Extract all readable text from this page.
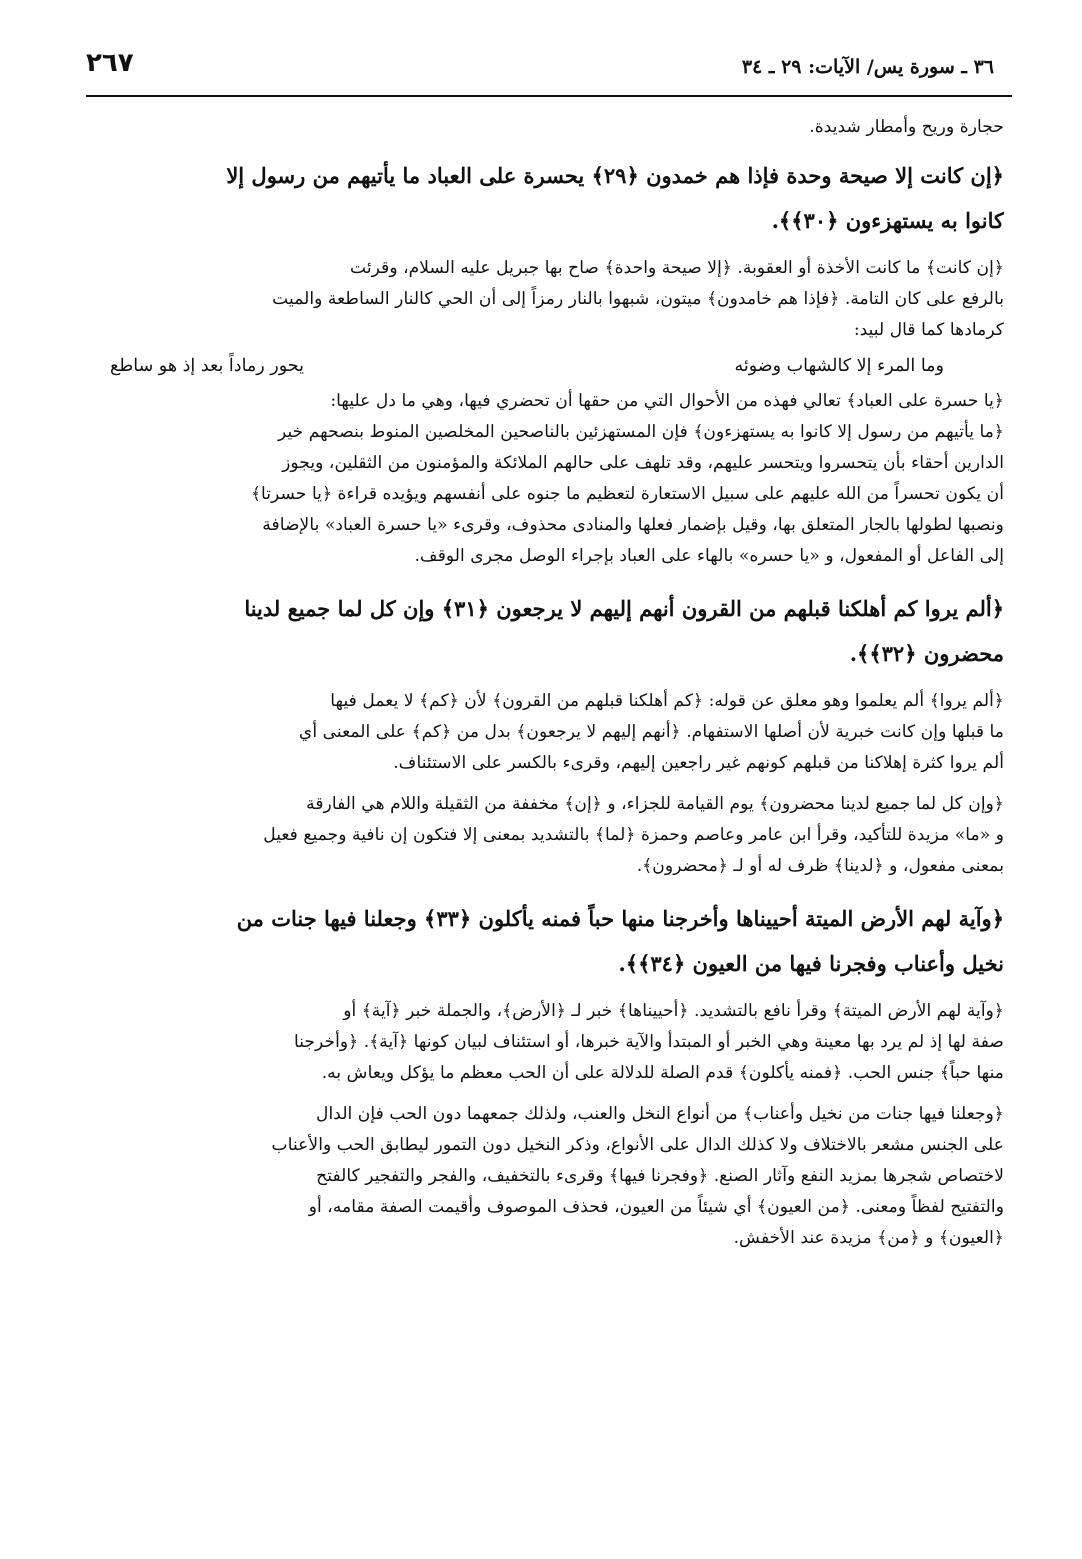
٢٦٧	٣٦ ـ سورة يس/ الآيات: ٢٩ ـ ٣٤

حجارة وريح وأمطار شديدة.

﴿إن كانت إلا صيحة وحدة فإذا هم خمدون ﴿٢٩﴾ يحسرة على العباد ما يأتيهم من رسول إلا
كانوا به يستهزءون ﴿٣٠﴾﴾.

﴿إن كانت﴾ ما كانت الأخذة أو العقوبة. ﴿إلا صيحة واحدة﴾ صاح بها جبريل عليه السلام، وقرئت
بالرفع على كان التامة. ﴿فإذا هم خامدون﴾ ميتون، شبهوا بالنار رمزاً إلى أن الحي كالنار الساطعة والميت
كرمادها كما قال لبيد:

وما المرء إلا كالشهاب وضوئه
يحور رماداً بعد إذ هو ساطع

﴿يا حسرة على العباد﴾ تعالي فهذه من الأحوال التي من حقها أن تحضري فيها، وهي ما دل عليها:
﴿ما يأتيهم من رسول إلا كانوا به يستهزءون﴾ فإن المستهزئين بالناصحين المخلصين المنوط بنصحهم خير
الدارين أحقاء بأن يتحسروا ويتحسر عليهم، وقد تلهف على حالهم الملائكة والمؤمنون من الثقلين، ويجوز
أن يكون تحسراً من الله عليهم على سبيل الاستعارة لتعظيم ما جنوه على أنفسهم ويؤيده قراءة ﴿يا حسرتا﴾
ونصبها لطولها بالجار المتعلق بها، وقيل بإضمار فعلها والمنادى محذوف، وقرىء «يا حسرة العباد» بالإضافة
إلى الفاعل أو المفعول، و «يا حسره» بالهاء على العباد بإجراء الوصل مجرى الوقف.

﴿ألم يروا كم أهلكنا قبلهم من القرون أنهم إليهم لا يرجعون ﴿٣١﴾ وإن كل لما جميع لدينا
محضرون ﴿٣٢﴾﴾.

﴿ألم يروا﴾ ألم يعلموا وهو معلق عن قوله: ﴿كم أهلكنا قبلهم من القرون﴾ لأن ﴿كم﴾ لا يعمل فيها
ما قبلها وإن كانت خبرية لأن أصلها الاستفهام. ﴿أنهم إليهم لا يرجعون﴾ بدل من ﴿كم﴾ على المعنى أي
ألم يروا كثرة إهلاكنا من قبلهم كونهم غير راجعين إليهم، وقرىء بالكسر على الاستئناف.

﴿وإن كل لما جميع لدينا محضرون﴾ يوم القيامة للجزاء، و ﴿إن﴾ مخففة من الثقيلة واللام هي الفارقة
و «ما» مزيدة للتأكيد، وقرأ ابن عامر وعاصم وحمزة ﴿لما﴾ بالتشديد بمعنى إلا فتكون إن نافية وجميع فعيل
بمعنى مفعول، و ﴿لدينا﴾ ظرف له أو لـ ﴿محضرون﴾.

﴿وآية لهم الأرض الميتة أحييناها وأخرجنا منها حباً فمنه يأكلون ﴿٣٣﴾ وجعلنا فيها جنات من
نخيل وأعناب وفجرنا فيها من العيون ﴿٣٤﴾﴾.

﴿وآية لهم الأرض الميتة﴾ وقرأ نافع بالتشديد. ﴿أحييناها﴾ خبر لـ ﴿الأرض﴾، والجملة خبر ﴿آية﴾ أو
صفة لها إذ لم يرد بها معينة وهي الخبر أو المبتدأ والآية خبرها، أو استئناف لبيان كونها ﴿آية﴾. ﴿وأخرجنا
منها حباً﴾ جنس الحب. ﴿فمنه يأكلون﴾ قدم الصلة للدلالة على أن الحب معظم ما يؤكل ويعاش به.

﴿وجعلنا فيها جنات من نخيل وأعناب﴾ من أنواع النخل والعنب، ولذلك جمعهما دون الحب فإن الدال
على الجنس مشعر بالاختلاف ولا كذلك الدال على الأنواع، وذكر النخيل دون التمور ليطابق الحب والأعناب
لاختصاص شجرها بمزيد النفع وآثار الصنع. ﴿وفجرنا فيها﴾ وقرىء بالتخفيف، والفجر والتفجير كالفتح
والتفتيح لفظاً ومعنى. ﴿من العيون﴾ أي شيئاً من العيون، فحذف الموصوف وأقيمت الصفة مقامه، أو
﴿العيون﴾ و ﴿من﴾ مزيدة عند الأخفش.
